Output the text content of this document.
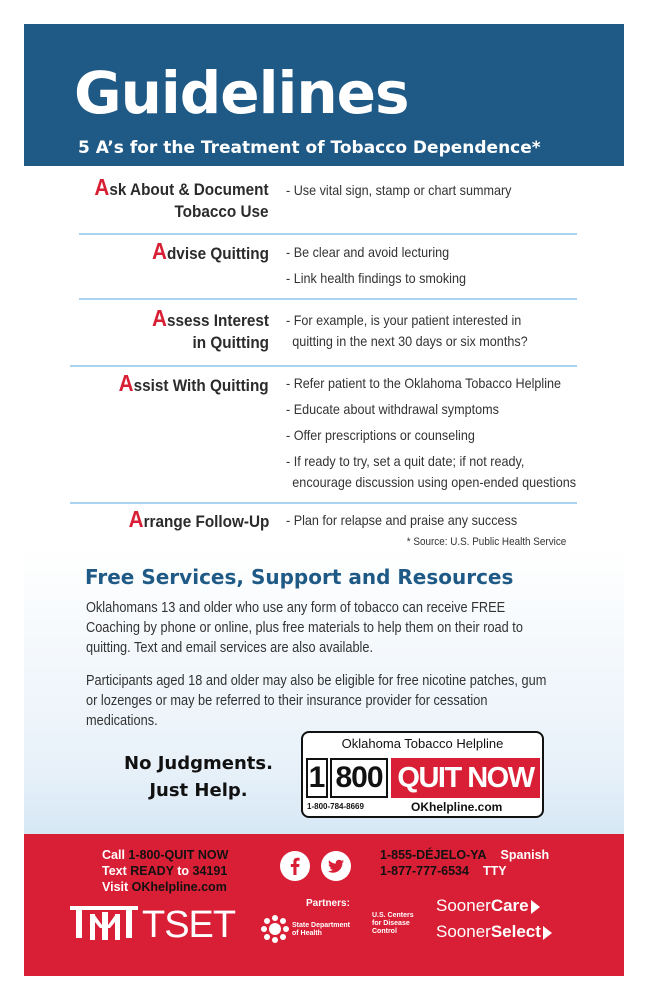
Guidelines
5 A’s for the Treatment of Tobacco Dependence*
Ask About & Document
Tobacco Use
- Use vital sign, stamp or chart summary
Advise Quitting - Be clear and avoid lecturing
- Link health findings to smoking
Assess Interest
in Quitting
- For example, is your patient interested in
quitting in the next 30 days or six months?
Assist With Quitting - Refer patient to the Oklahoma Tobacco Helpline
- Educate about withdrawal symptoms
- Offer prescriptions or counseling
- If ready to try, set a quit date; if not ready,
encourage discussion using open-ended questions
Arrange Follow-Up - Plan for relapse and praise any success
* Source: U.S. Public Health Service
Free Services, Support and Resources
Oklahomans 13 and older who use any form of tobacco can receive FREE Coaching by phone or online, plus free materials to help them on their road to quitting. Text and email services are also available.
Participants aged 18 and older may also be eligible for free nicotine patches, gum or lozenges or may be referred to their insurance provider for cessation medications.
No Judgments.
Just Help.
Oklahoma Tobacco Helpline
1 800 QUIT NOW
1-800-784-8669	OKhelpline.com
Call 1-800-QUIT NOW
Text READY to 34191
Visit OKhelpline.com
1-855-DÉJELO-YA Spanish
1-877-777-6534 TTY
TSET
Partners:
State Department
of Health
U.S. Centers
for Disease
Control
SoonerCare
SoonerSelect
